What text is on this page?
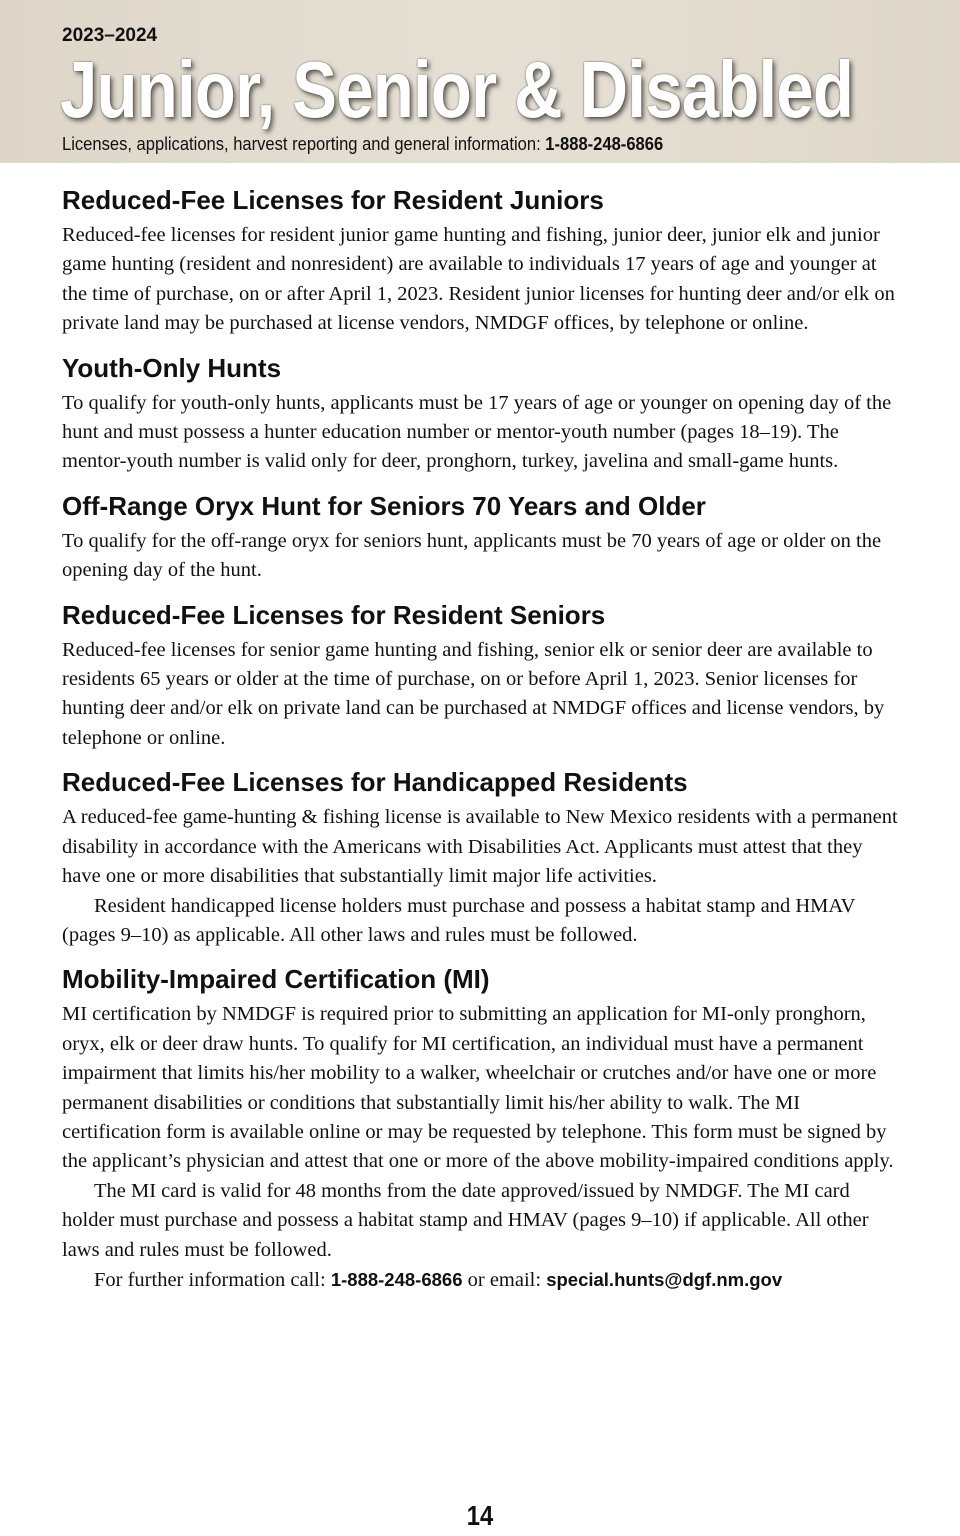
2023–2024
Junior, Senior & Disabled
Licenses, applications, harvest reporting and general information: 1-888-248-6866
Reduced-Fee Licenses for Resident Juniors

Reduced-fee licenses for resident junior game hunting and fishing, junior deer, junior elk and junior game hunting (resident and nonresident) are available to individuals 17 years of age and younger at the time of purchase, on or after April 1, 2023. Resident junior licenses for hunting deer and/or elk on private land may be purchased at license vendors, NMDGF offices, by telephone or online.

Youth-Only Hunts

To qualify for youth-only hunts, applicants must be 17 years of age or younger on opening day of the hunt and must possess a hunter education number or mentor-youth number (pages 18–19). The mentor-youth number is valid only for deer, pronghorn, turkey, javelina and small-game hunts.

Off-Range Oryx Hunt for Seniors 70 Years and Older

To qualify for the off-range oryx for seniors hunt, applicants must be 70 years of age or older on the opening day of the hunt.

Reduced-Fee Licenses for Resident Seniors

Reduced-fee licenses for senior game hunting and fishing, senior elk or senior deer are available to residents 65 years or older at the time of purchase, on or before April 1, 2023. Senior licenses for hunting deer and/or elk on private land can be purchased at NMDGF offices and license vendors, by telephone or online.

Reduced-Fee Licenses for Handicapped Residents

A reduced-fee game-hunting & fishing license is available to New Mexico residents with a permanent disability in accordance with the Americans with Disabilities Act. Applicants must attest that they have one or more disabilities that substantially limit major life activities.

Resident handicapped license holders must purchase and possess a habitat stamp and HMAV (pages 9–10) as applicable. All other laws and rules must be followed.

Mobility-Impaired Certification (MI)

MI certification by NMDGF is required prior to submitting an application for MI-only pronghorn, oryx, elk or deer draw hunts. To qualify for MI certification, an individual must have a permanent impairment that limits his/her mobility to a walker, wheelchair or crutches and/or have one or more permanent disabilities or conditions that substantially limit his/her ability to walk. The MI certification form is available online or may be requested by telephone. This form must be signed by the applicant’s physician and attest that one or more of the above mobility-impaired conditions apply.

The MI card is valid for 48 months from the date approved/issued by NMDGF. The MI card holder must purchase and possess a habitat stamp and HMAV (pages 9–10) if applicable. All other laws and rules must be followed.

For further information call: 1-888-248-6866 or email: special.hunts@dgf.nm.gov

14
